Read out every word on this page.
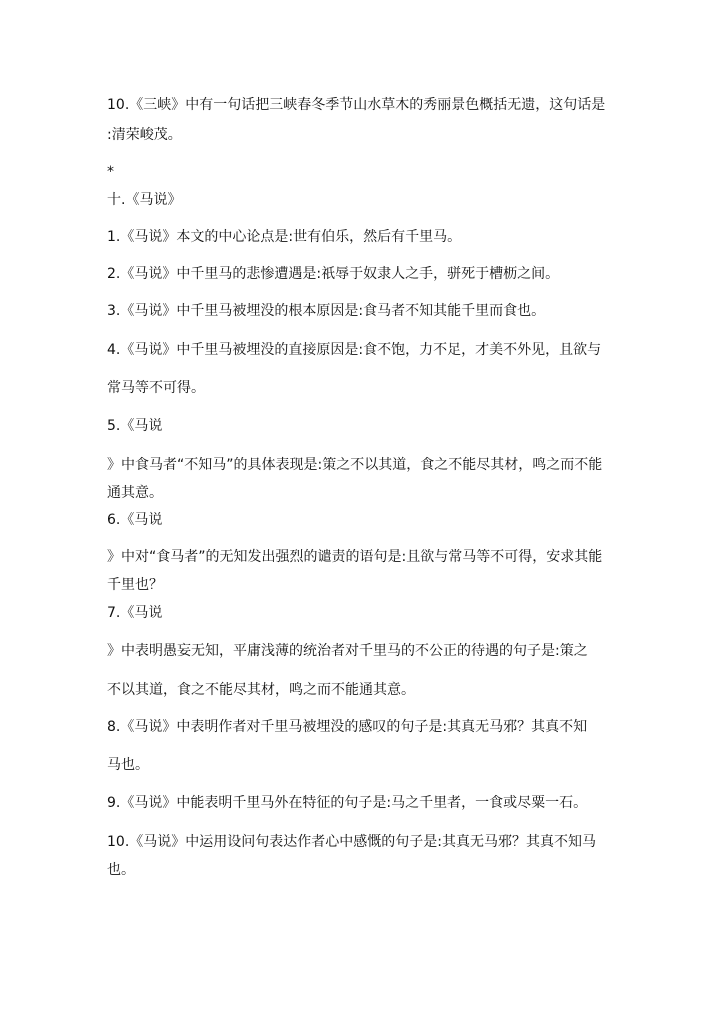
10.《三峡》中有一句话把三峡春冬季节山水草木的秀丽景色概括无遗，这句话是
:清荣峻茂。
*
十.《马说》
1.《马说》本文的中心论点是:世有伯乐，然后有千里马。
2.《马说》中千里马的悲惨遭遇是:祇辱于奴隶人之手，骈死于槽枥之间。
3.《马说》中千里马被埋没的根本原因是:食马者不知其能千里而食也。
4.《马说》中千里马被埋没的直接原因是:食不饱，力不足，才美不外见，且欲与
常马等不可得。
5.《马说
》中食马者“不知马”的具体表现是:策之不以其道，食之不能尽其材，鸣之而不能
通其意。
6.《马说
》中对“食马者”的无知发出强烈的谴责的语句是:且欲与常马等不可得，安求其能
千里也？
7.《马说
》中表明愚妄无知，平庸浅薄的统治者对千里马的不公正的待遇的句子是:策之
不以其道，食之不能尽其材，鸣之而不能通其意。
8.《马说》中表明作者对千里马被埋没的感叹的句子是:其真无马邪？其真不知
马也。
9.《马说》中能表明千里马外在特征的句子是:马之千里者，一食或尽粟一石。
10.《马说》中运用设问句表达作者心中感慨的句子是:其真无马邪？其真不知马
也。
